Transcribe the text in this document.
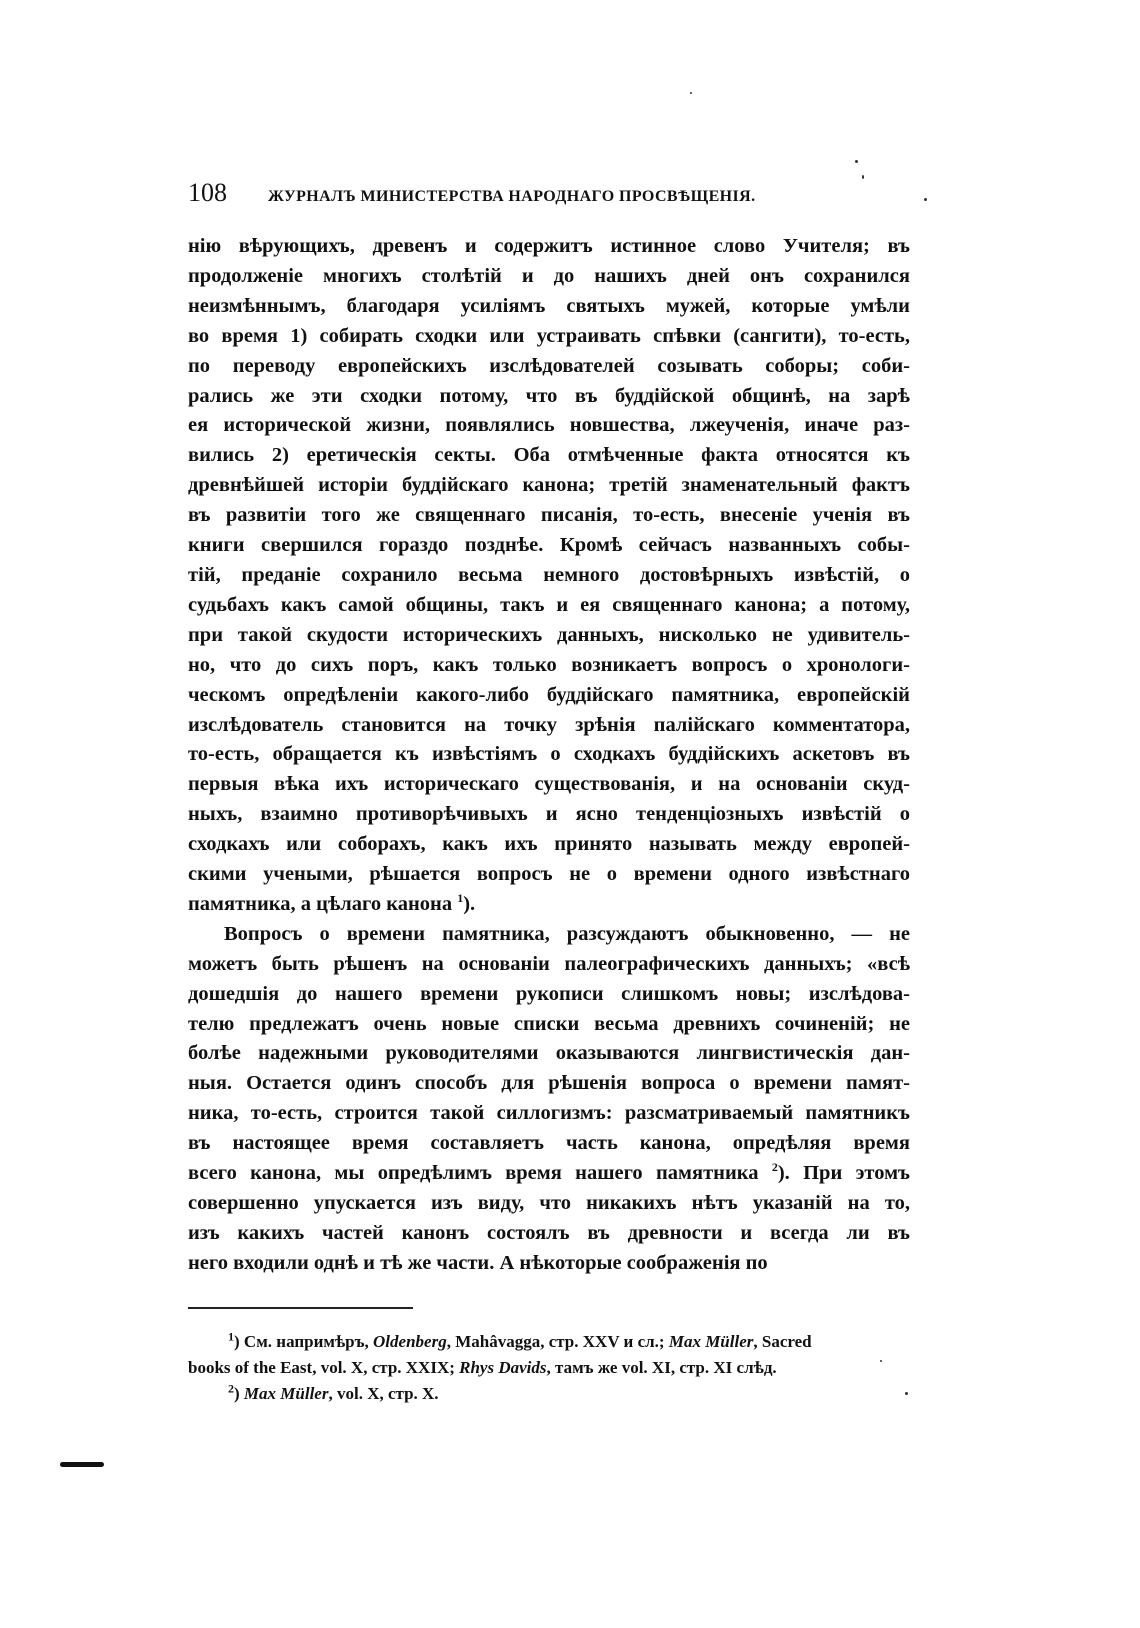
108	ЖУРНАЛЪ МИНИСТЕРСТВА НАРОДНАГО ПРОСВѢЩЕНІЯ.
нію вѣрующихъ, древенъ и содержитъ истинное слово Учителя; въ
продолженіе многихъ столѣтій и до нашихъ дней онъ сохранился
неизмѣннымъ, благодаря усиліямъ святыхъ мужей, которые умѣли
во время 1) собирать сходки или устраивать спѣвки (сангити), то-есть,
по переводу европейскихъ изслѣдователей созывать соборы; соби-
рались же эти сходки потому, что въ буддійской общинѣ, на зарѣ
ея исторической жизни, появлялись новшества, лжеученія, иначе раз-
вились 2) еретическія секты. Оба отмѣченные факта относятся къ
древнѣйшей исторіи буддійскаго канона; третій знаменательный фактъ
въ развитіи того же священнаго писанія, то-есть, внесеніе ученія въ
книги свершился гораздо позднѣе. Кромѣ сейчасъ названныхъ собы-
тій, преданіе сохранило весьма немного достовѣрныхъ извѣстій, о
судьбахъ какъ самой общины, такъ и ея священнаго канона; а потому,
при такой скудости историческихъ данныхъ, нисколько не удивитель-
но, что до сихъ поръ, какъ только возникаетъ вопросъ о хронологи-
ческомъ опредѣленіи какого-либо буддійскаго памятника, европейскій
изслѣдователь становится на точку зрѣнія палійскаго комментатора,
то-есть, обращается къ извѣстіямъ о сходкахъ буддійскихъ аскетовъ въ
первыя вѣка ихъ историческаго существованія, и на основаніи скуд-
ныхъ, взаимно противорѣчивыхъ и ясно тенденціозныхъ извѣстій о
сходкахъ или соборахъ, какъ ихъ принято называть между европей-
скими учеными, рѣшается вопросъ не о времени одного извѣстнаго
памятника, а цѣлаго канона $^1$).
Вопросъ о времени памятника, разсуждаютъ обыкновенно, — не
можетъ быть рѣшенъ на основаніи палеографическихъ данныхъ; «всѣ
дошедшія до нашего времени рукописи слишкомъ новы; изслѣдова-
телю предлежатъ очень новые списки весьма древнихъ сочиненій; не
болѣе надежными руководителями оказываются лингвистическія дан-
ныя. Остается одинъ способъ для рѣшенія вопроса о времени памят-
ника, то-есть, строится такой силлогизмъ: разсматриваемый памятникъ
въ настоящее время составляетъ часть канона, опредѣляя время
всего канона, мы опредѣлимъ время нашего памятника $^2$). При этомъ
совершенно упускается изъ виду, что никакихъ нѣтъ указаній на то,
изъ какихъ частей канонъ состоялъ въ древности и всегда ли въ
него входили однѣ и тѣ же части. А нѣкоторые соображенія по
$^1$) См. напримѣръ, Oldenberg, Mahâvagga, стр. XXV и сл.; Max Müller, Sacred
books of the East, vol. X, стр. XXIX; Rhys Davids, тамъ же vol. XI, стр. XI слѣд.
$^2$) Max Müller, vol. X, стр. X.
